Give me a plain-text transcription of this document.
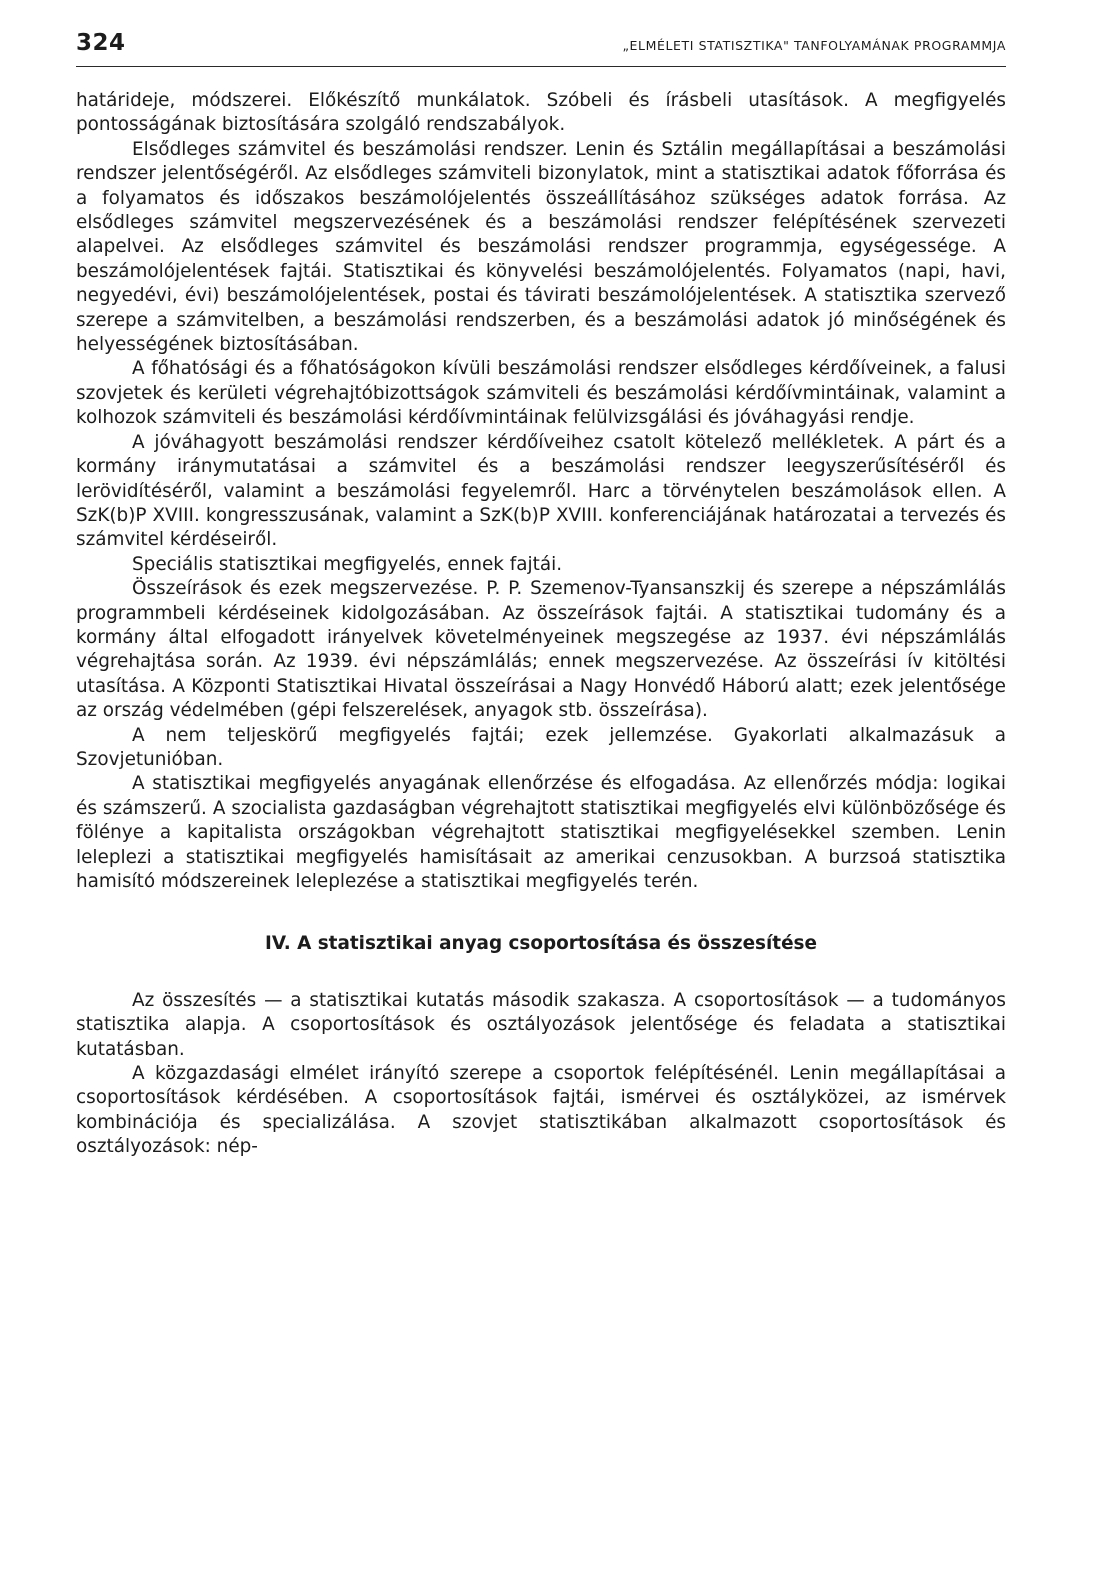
324	„ELMÉLETI STATISZTIKA" TANFOLYAMÁNAK PROGRAMMJA

határideje, módszerei. Előkészítő munkálatok. Szóbeli és írásbeli utasítások. A megfigyelés pontosságának biztosítására szolgáló rendszabályok.

Elsődleges számvitel és beszámolási rendszer. Lenin és Sztálin megállapításai a beszámolási rendszer jelentőségéről. Az elsődleges számviteli bizonylatok, mint a statisztikai adatok főforrása és a folyamatos és időszakos beszámolójelentés összeállításához szükséges adatok forrása. Az elsődleges számvitel megszervezésének és a beszámolási rendszer felépítésének szervezeti alapelvei. Az elsődleges számvitel és beszámolási rendszer programmja, egységessége. A beszámolójelentések fajtái. Statisztikai és könyvelési beszámolójelentés. Folyamatos (napi, havi, negyedévi, évi) beszámolójelentések, postai és távirati beszámolójelentések. A statisztika szervező szerepe a számvitelben, a beszámolási rendszerben, és a beszámolási adatok jó minőségének és helyességének biztosításában.

A főhatósági és a főhatóságokon kívüli beszámolási rendszer elsődleges kérdőíveinek, a falusi szovjetek és kerületi végrehajtóbizottságok számviteli és beszámolási kérdőívmintáinak, valamint a kolhozok számviteli és beszámolási kérdőívmintáinak felülvizsgálási és jóváhagyási rendje.

A jóváhagyott beszámolási rendszer kérdőíveihez csatolt kötelező mellékletek. A párt és a kormány iránymutatásai a számvitel és a beszámolási rendszer leegyszerűsítéséről és lerövidítéséről, valamint a beszámolási fegyelemről. Harc a törvénytelen beszámolások ellen. A SzK(b)P XVIII. kongresszusának, valamint a SzK(b)P XVIII. konferenciájának határozatai a tervezés és számvitel kérdéseiről.

Speciális statisztikai megfigyelés, ennek fajtái.

Összeírások és ezek megszervezése. P. P. Szemenov-Tyansanszkij és szerepe a népszámlálás programmbeli kérdéseinek kidolgozásában. Az összeírások fajtái. A statisztikai tudomány és a kormány által elfogadott irányelvek követelményeinek megszegése az 1937. évi népszámlálás végrehajtása során. Az 1939. évi népszámlálás; ennek megszervezése. Az összeírási ív kitöltési utasítása. A Központi Statisztikai Hivatal összeírásai a Nagy Honvédő Háború alatt; ezek jelentősége az ország védelmében (gépi felszerelések, anyagok stb. összeírása).

A nem teljeskörű megfigyelés fajtái; ezek jellemzése. Gyakorlati alkalmazásuk a Szovjetunióban.

A statisztikai megfigyelés anyagának ellenőrzése és elfogadása. Az ellenőrzés módja: logikai és számszerű. A szocialista gazdaságban végrehajtott statisztikai megfigyelés elvi különbözősége és fölénye a kapitalista országokban végrehajtott statisztikai megfigyelésekkel szemben. Lenin leleplezi a statisztikai megfigyelés hamisításait az amerikai cenzusokban. A burzsoá statisztika hamisító módszereinek leleplezése a statisztikai megfigyelés terén.

IV. A statisztikai anyag csoportosítása és összesítése

Az összesítés — a statisztikai kutatás második szakasza. A csoportosítások — a tudományos statisztika alapja. A csoportosítások és osztályozások jelentősége és feladata a statisztikai kutatásban.

A közgazdasági elmélet irányító szerepe a csoportok felépítésénél. Lenin megállapításai a csoportosítások kérdésében. A csoportosítások fajtái, ismérvei és osztályközei, az ismérvek kombinációja és specializálása. A szovjet statisztikában alkalmazott csoportosítások és osztályozások: nép-
